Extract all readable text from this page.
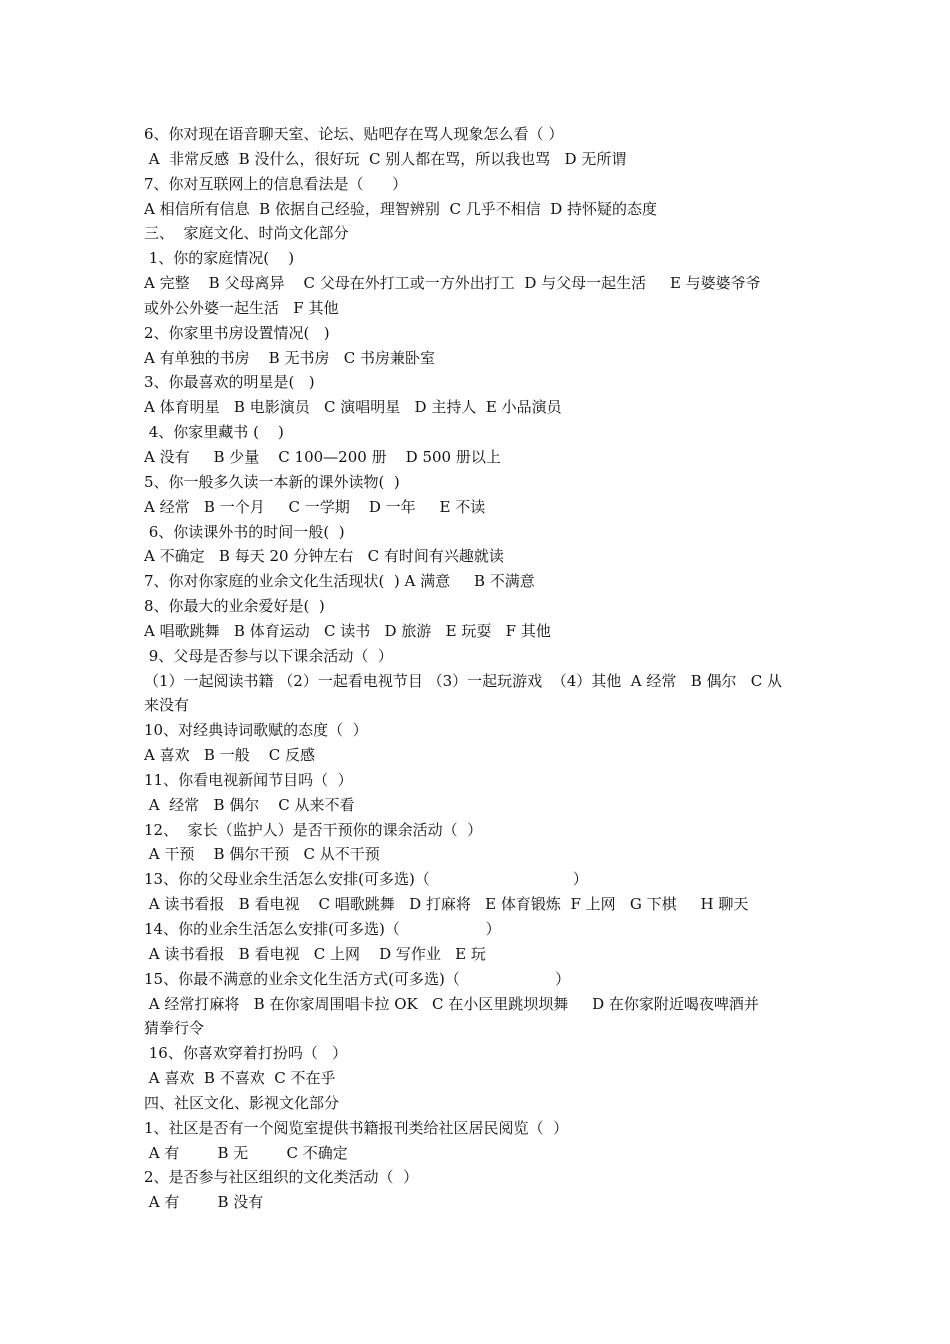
6、你对现在语音聊天室、论坛、贴吧存在骂人现象怎么看（ ）
A  非常反感  B 没什么，很好玩  C 别人都在骂，所以我也骂   D 无所谓
7、你对互联网上的信息看法是（      ）
A 相信所有信息  B 依据自己经验，理智辨别  C 几乎不相信  D 持怀疑的态度
三、  家庭文化、时尚文化部分
1、你的家庭情况(    )
A 完整    B 父母离异    C 父母在外打工或一方外出打工  D 与父母一起生活     E 与婆婆爷爷
或外公外婆一起生活   F 其他
2、你家里书房设置情况(   )
A 有单独的书房    B 无书房   C 书房兼卧室
3、你最喜欢的明星是(   )
A 体育明星   B 电影演员   C 演唱明星   D 主持人  E 小品演员
4、你家里藏书 (    )
A 没有     B 少量    C 100—200 册    D 500 册以上
5、你一般多久读一本新的课外读物(  )
A 经常   B 一个月     C 一学期    D 一年     E 不读
6、你读课外书的时间一般(  )
A 不确定   B 每天 20 分钟左右   C 有时间有兴趣就读
7、你对你家庭的业余文化生活现状(  ) A 满意     B 不满意
8、你最大的业余爱好是(  )
A 唱歌跳舞   B 体育运动   C 读书   D 旅游   E 玩耍   F 其他
9、父母是否参与以下课余活动（  ）
（1）一起阅读书籍 （2）一起看电视节目 （3）一起玩游戏  （4）其他  A 经常   B 偶尔   C 从
来没有
10、对经典诗词歌赋的态度（  ）
A 喜欢   B 一般    C 反感
11、你看电视新闻节目吗（  ）
A  经常   B 偶尔    C 从来不看
12、  家长（监护人）是否干预你的课余活动（  ）
A 干预    B 偶尔干预   C 从不干预
13、你的父母业余生活怎么安排(可多选)（                              ）
A 读书看报   B 看电视    C 唱歌跳舞   D 打麻将   E 体育锻炼  F 上网   G 下棋     H 聊天
14、你的业余生活怎么安排(可多选)（                  ）
A 读书看报   B 看电视   C 上网    D 写作业   E 玩
15、你最不满意的业余文化生活方式(可多选)（                    ）
A 经常打麻将   B 在你家周围唱卡拉 OK   C 在小区里跳坝坝舞     D 在你家附近喝夜啤酒并
猜拳行令
16、你喜欢穿着打扮吗（   ）
A 喜欢  B 不喜欢  C 不在乎
四、社区文化、影视文化部分
1、社区是否有一个阅览室提供书籍报刊类给社区居民阅览（  ）
A 有        B 无        C 不确定
2、是否参与社区组织的文化类活动（  ）
A 有        B 没有
